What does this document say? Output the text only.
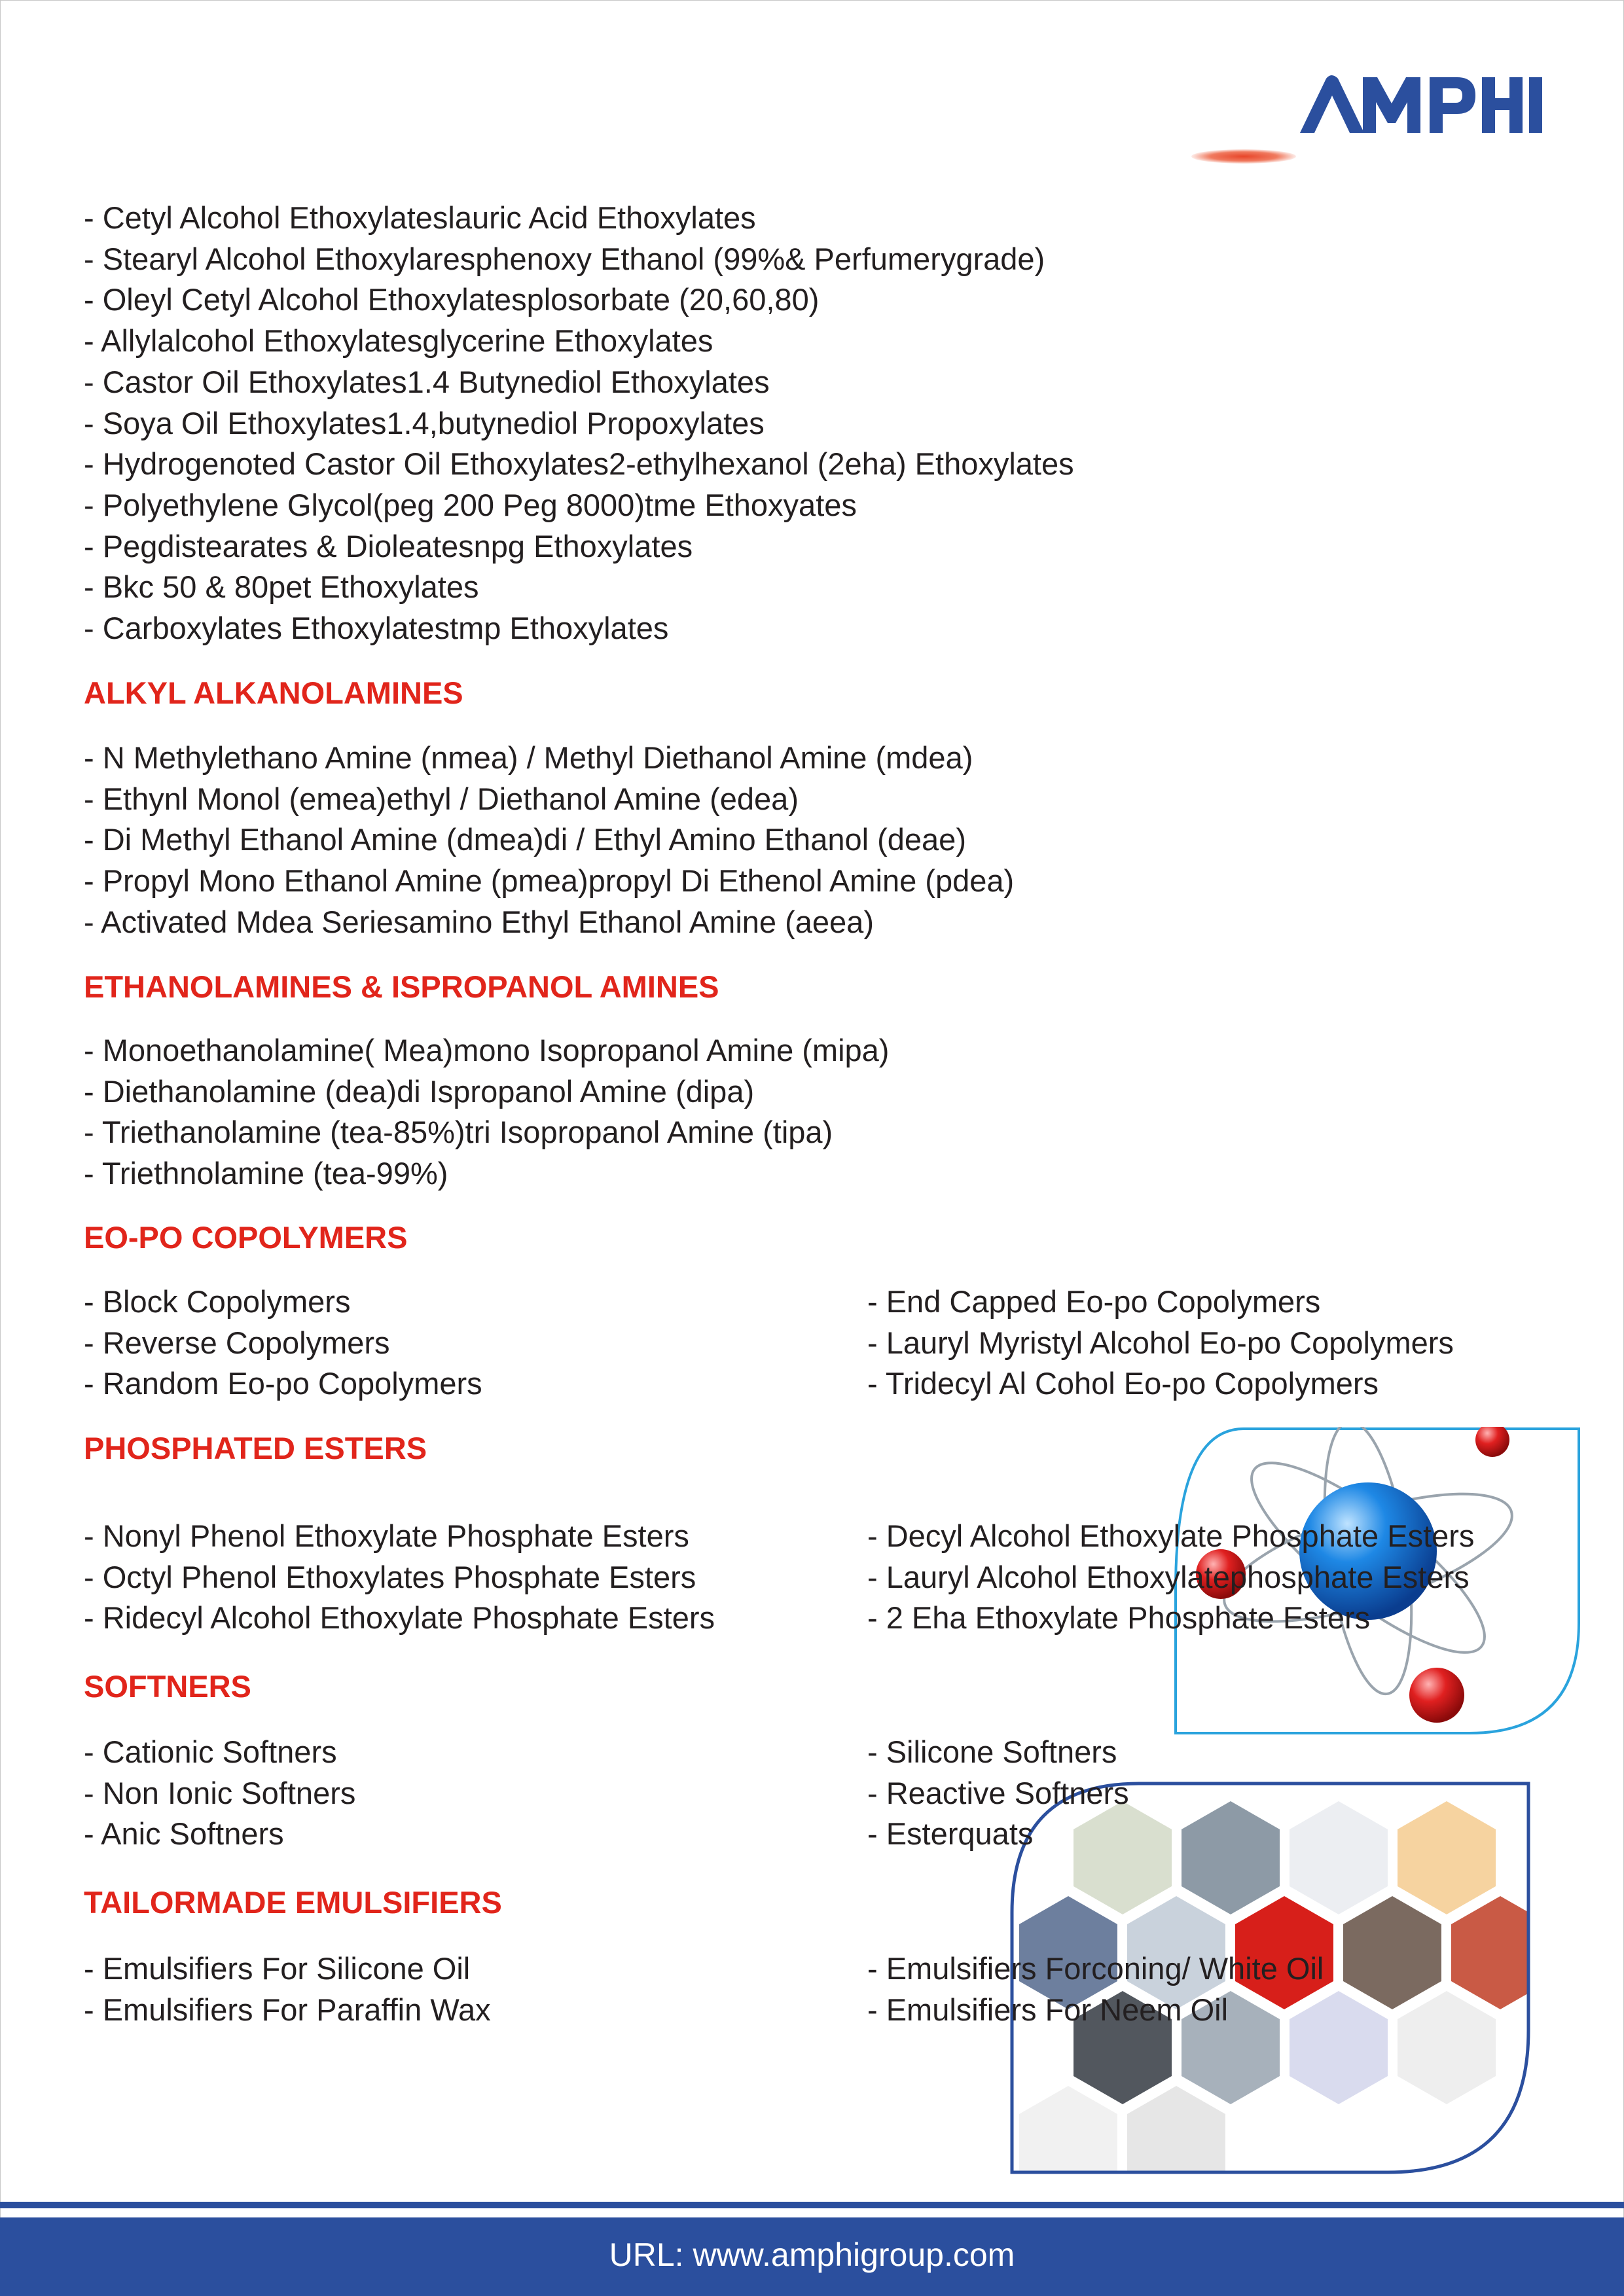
- Cetyl Alcohol Ethoxylateslauric Acid Ethoxylates
- Stearyl Alcohol Ethoxylaresphenoxy Ethanol (99%& Perfumerygrade)
- Oleyl Cetyl Alcohol Ethoxylatesplosorbate (20,60,80)
- Allylalcohol Ethoxylatesglycerine Ethoxylates
- Castor Oil Ethoxylates1.4 Butynediol Ethoxylates
- Soya Oil Ethoxylates1.4,butynediol Propoxylates
- Hydrogenoted Castor Oil Ethoxylates2-ethylhexanol (2eha) Ethoxylates
- Polyethylene Glycol(peg 200 Peg 8000)tme Ethoxyates
- Pegdistearates & Dioleatesnpg Ethoxylates
- Bkc 50 & 80pet Ethoxylates
- Carboxylates Ethoxylatestmp Ethoxylates
ALKYL ALKANOLAMINES
- N Methylethano Amine (nmea) / Methyl Diethanol Amine (mdea)
- Ethynl Monol (emea)ethyl / Diethanol Amine (edea)
- Di Methyl Ethanol Amine (dmea)di / Ethyl Amino Ethanol (deae)
- Propyl Mono Ethanol Amine (pmea)propyl Di Ethenol Amine (pdea)
- Activated Mdea Seriesamino Ethyl Ethanol Amine (aeea)
ETHANOLAMINES & ISPROPANOL AMINES
- Monoethanolamine( Mea)mono Isopropanol Amine (mipa)
- Diethanolamine (dea)di Ispropanol Amine (dipa)
- Triethanolamine (tea-85%)tri Isopropanol Amine (tipa)
- Triethnolamine (tea-99%)
EO-PO COPOLYMERS
- Block Copolymers
- Reverse Copolymers
- Random Eo-po Copolymers
- End Capped Eo-po Copolymers
- Lauryl Myristyl Alcohol Eo-po Copolymers
- Tridecyl Al Cohol Eo-po Copolymers
PHOSPHATED ESTERS
- Nonyl Phenol Ethoxylate Phosphate Esters
- Octyl Phenol Ethoxylates Phosphate Esters
- Ridecyl Alcohol Ethoxylate Phosphate Esters
- Decyl Alcohol Ethoxylate Phosphate Esters
- Lauryl Alcohol Ethoxylatephosphate Esters
- 2 Eha Ethoxylate Phosphate Esters
SOFTNERS
- Cationic Softners
- Non Ionic Softners
- Anic Softners
- Silicone Softners
- Reactive Softners
- Esterquats
TAILORMADE EMULSIFIERS
- Emulsifiers For Silicone Oil
- Emulsifiers For Paraffin Wax
- Emulsifiers Forconing/ White Oil
- Emulsifiers For Neem Oil
URL: www.amphigroup.com
